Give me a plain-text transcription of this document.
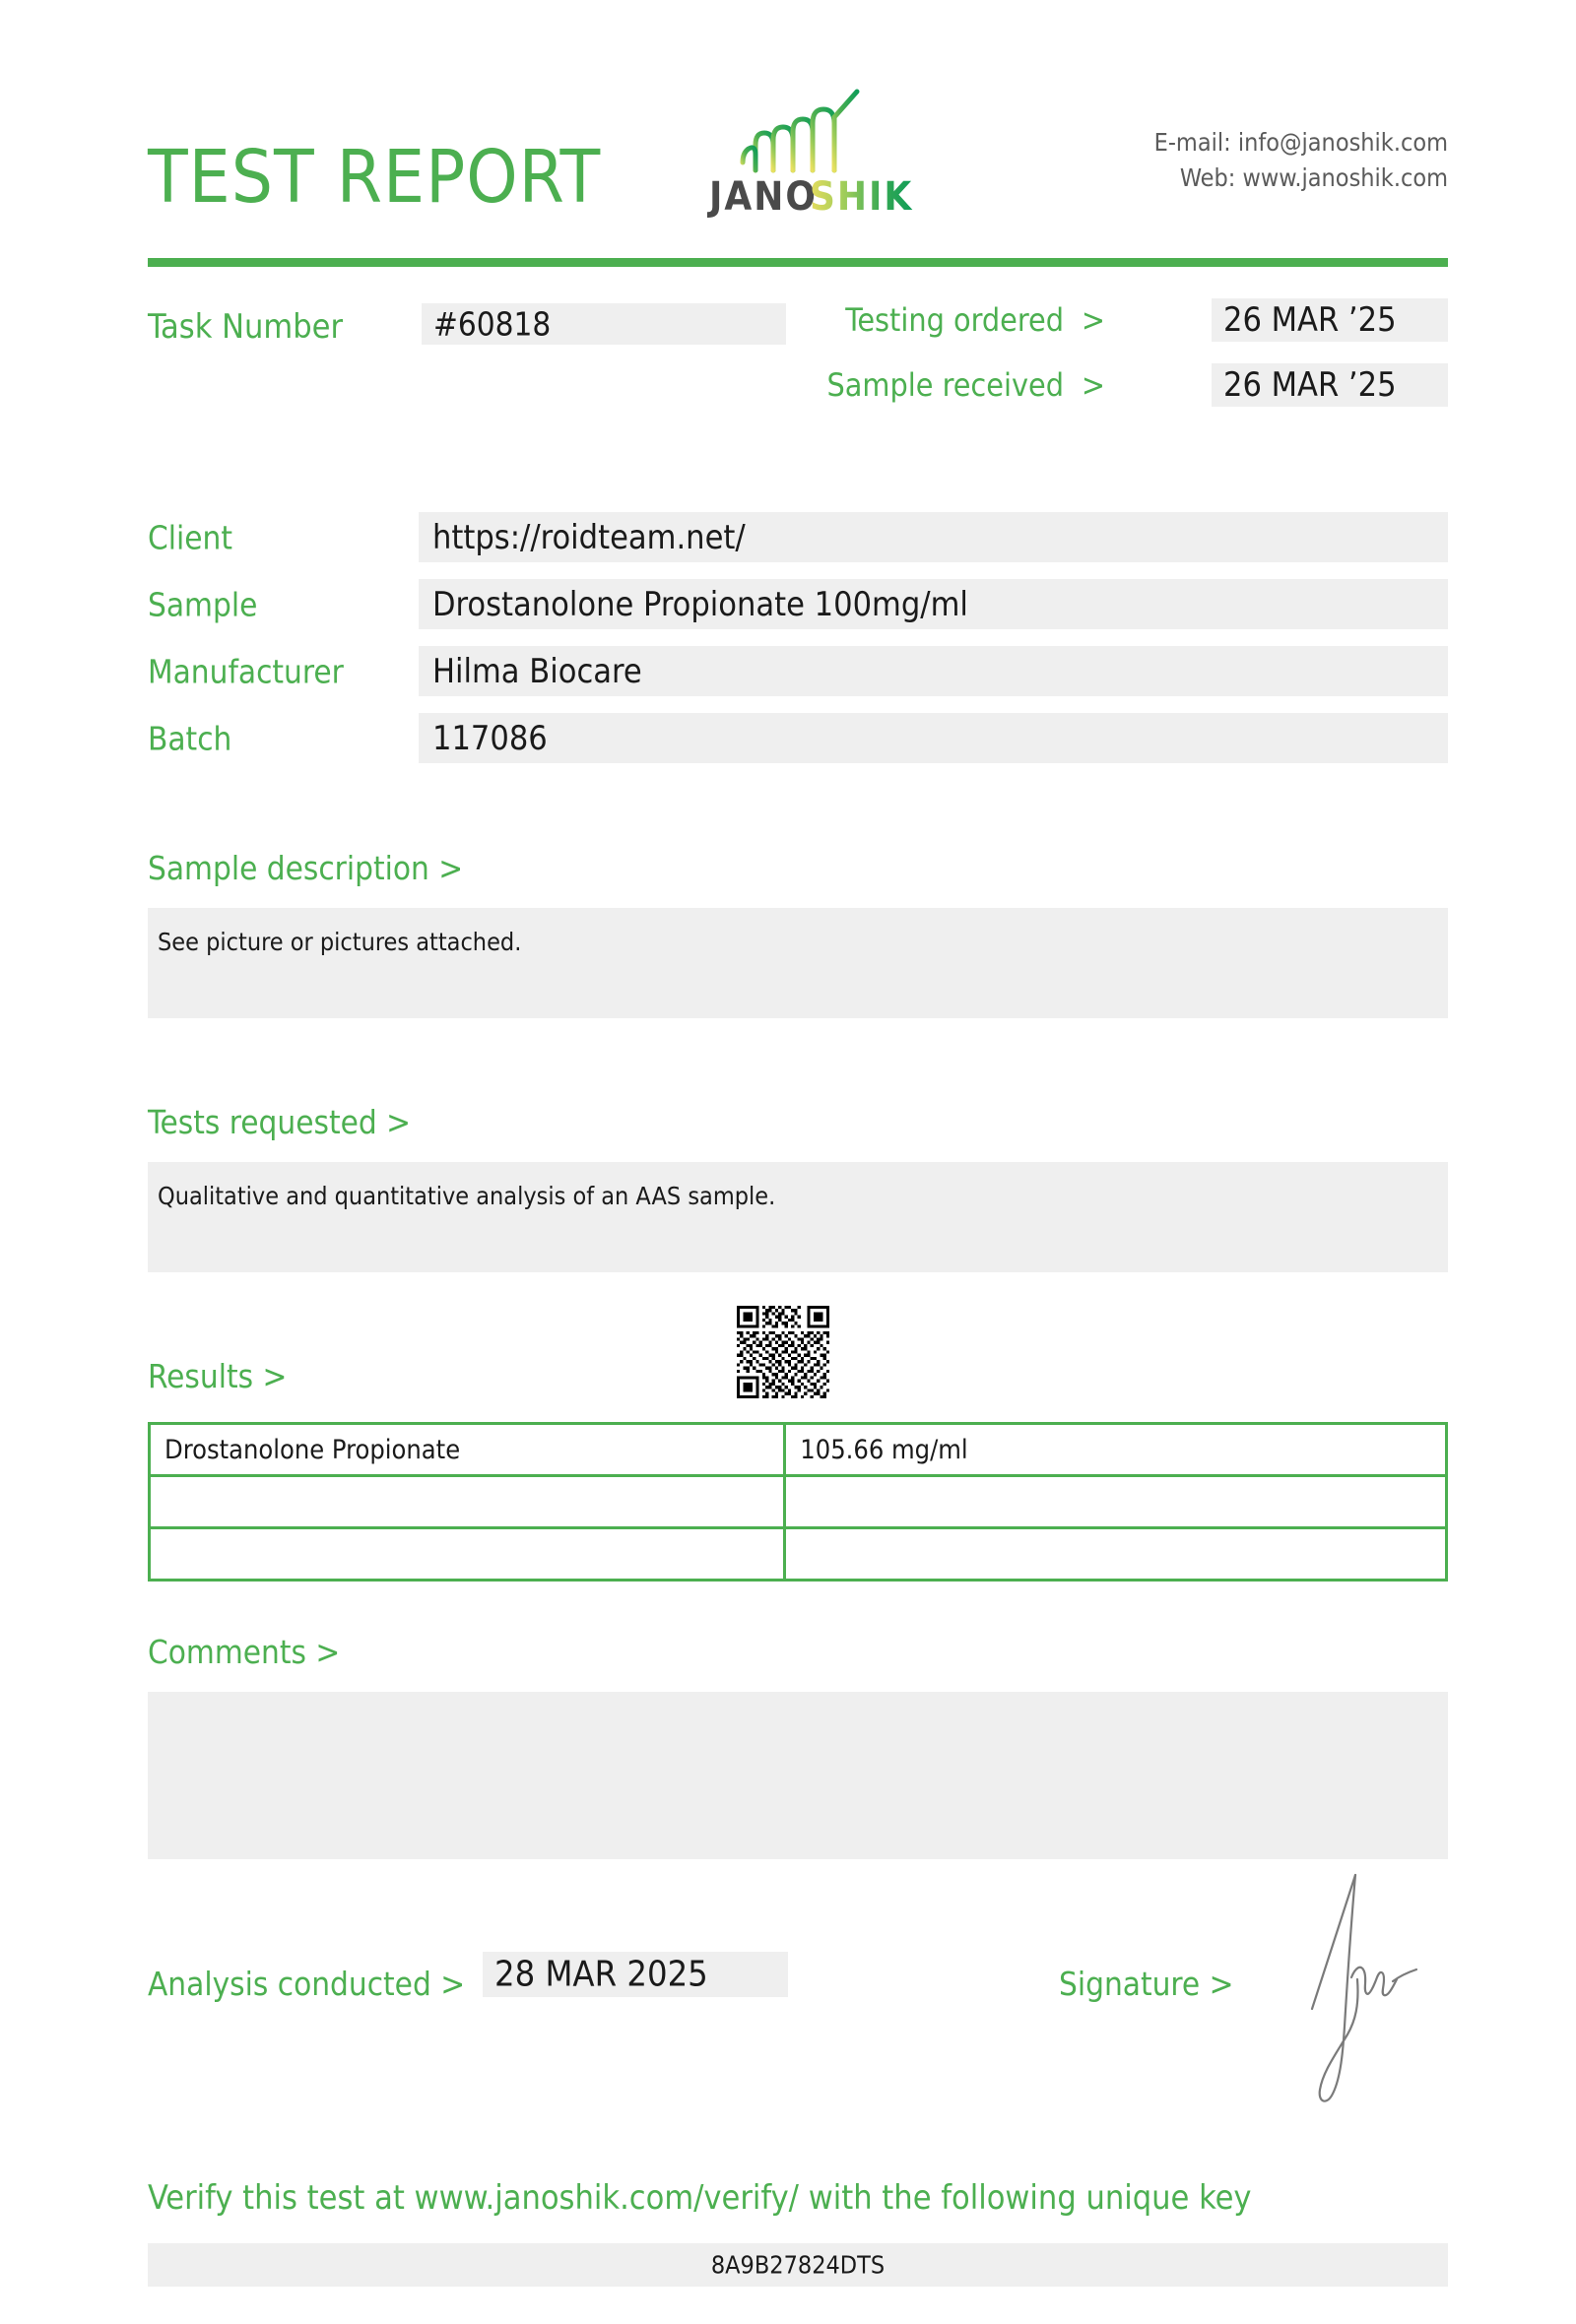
TEST REPORT	JANO
SHIK
E-mail: info@janoshik.com
Web: www.janoshik.com
Task Number	#60818	Testing ordered >	26 MAR ’25
Sample received >	26 MAR ’25
Client	https://roidteam.net/
Sample	Drostanolone Propionate 100mg/ml
Manufacturer	Hilma Biocare
Batch	117086
Sample description >
See picture or pictures attached.
Tests requested >
Qualitative and quantitative analysis of an AAS sample.
Results >
Drostanolone Propionate	105.66 mg/ml

Comments >
Analysis conducted > 28 MAR 2025	Signature >
Verify this test at www.janoshik.com/verify/ with the following unique key
8A9B27824DTS
